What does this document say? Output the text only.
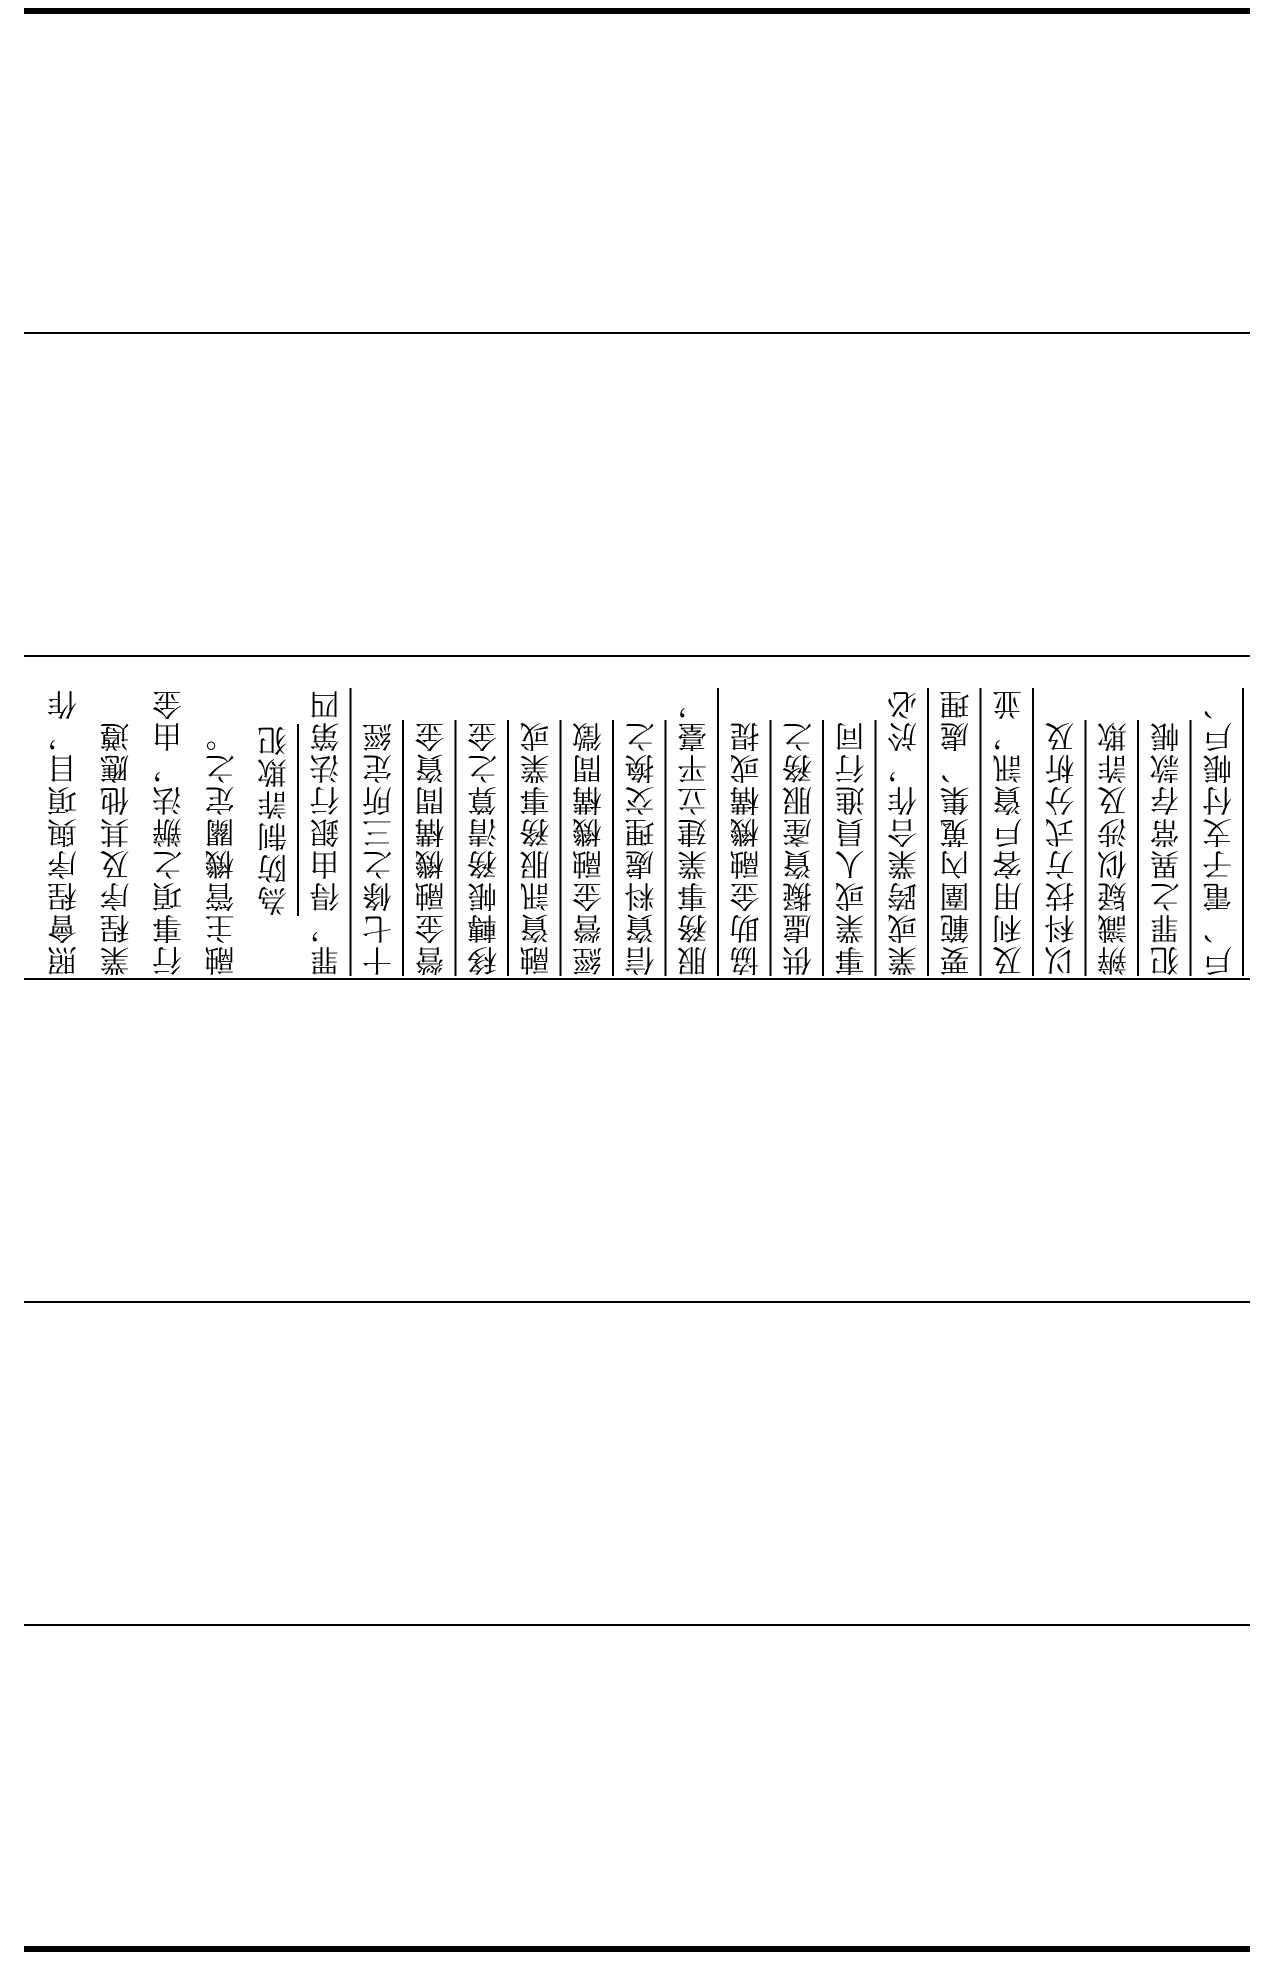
照會程序與項目，作 業程序及其他應遵 行事項之辦法，由金 融主管機關定之。 為防制詐欺犯 罪，得由銀行法第四 十七條之三所定經 營金融機構間資金 移轉帳務清算之金 融資訊服務事業或 經營金融機構間徵 信資料處理交換之 服務事業建立平臺， 協助金融機構或提 供虛擬資產服務之 事業或人員進行同 業或跨業合作，於必 要範圍內蒐集、處理 及利用客戶資訊，並 以科技方式分析及 辨識疑似涉及詐欺 犯罪之異常存款帳 戶、電子支付帳戶、
